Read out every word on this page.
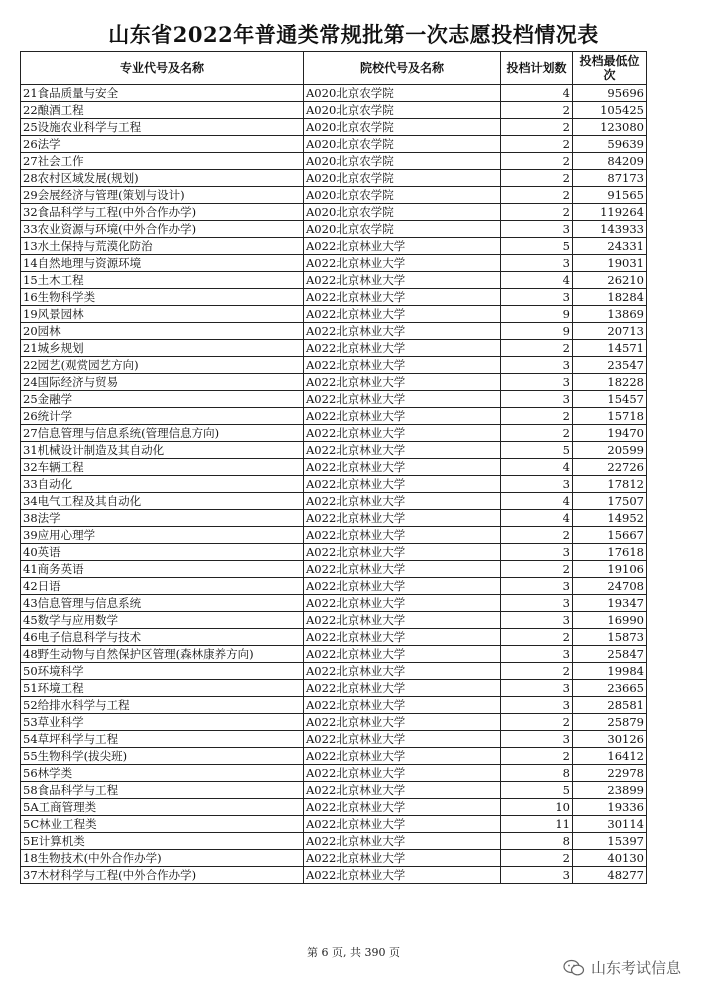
山东省2022年普通类常规批第一次志愿投档情况表
专业代号及名称	院校代号及名称	投档计划数	投档最低位次
21食品质量与安全	A020北京农学院	4	95696
22酿酒工程	A020北京农学院	2	105425
25设施农业科学与工程	A020北京农学院	2	123080
26法学	A020北京农学院	2	59639
27社会工作	A020北京农学院	2	84209
28农村区域发展(规划)	A020北京农学院	2	87173
29会展经济与管理(策划与设计)	A020北京农学院	2	91565
32食品科学与工程(中外合作办学)	A020北京农学院	2	119264
33农业资源与环境(中外合作办学)	A020北京农学院	3	143933
13水土保持与荒漠化防治	A022北京林业大学	5	24331
14自然地理与资源环境	A022北京林业大学	3	19031
15土木工程	A022北京林业大学	4	26210
16生物科学类	A022北京林业大学	3	18284
19风景园林	A022北京林业大学	9	13869
20园林	A022北京林业大学	9	20713
21城乡规划	A022北京林业大学	2	14571
22园艺(观赏园艺方向)	A022北京林业大学	3	23547
24国际经济与贸易	A022北京林业大学	3	18228
25金融学	A022北京林业大学	3	15457
26统计学	A022北京林业大学	2	15718
27信息管理与信息系统(管理信息方向)	A022北京林业大学	2	19470
31机械设计制造及其自动化	A022北京林业大学	5	20599
32车辆工程	A022北京林业大学	4	22726
33自动化	A022北京林业大学	3	17812
34电气工程及其自动化	A022北京林业大学	4	17507
38法学	A022北京林业大学	4	14952
39应用心理学	A022北京林业大学	2	15667
40英语	A022北京林业大学	3	17618
41商务英语	A022北京林业大学	2	19106
42日语	A022北京林业大学	3	24708
43信息管理与信息系统	A022北京林业大学	3	19347
45数学与应用数学	A022北京林业大学	3	16990
46电子信息科学与技术	A022北京林业大学	2	15873
48野生动物与自然保护区管理(森林康养方向)	A022北京林业大学	3	25847
50环境科学	A022北京林业大学	2	19984
51环境工程	A022北京林业大学	3	23665
52给排水科学与工程	A022北京林业大学	3	28581
53草业科学	A022北京林业大学	2	25879
54草坪科学与工程	A022北京林业大学	3	30126
55生物科学(拔尖班)	A022北京林业大学	2	16412
56林学类	A022北京林业大学	8	22978
58食品科学与工程	A022北京林业大学	5	23899
5A工商管理类	A022北京林业大学	10	19336
5C林业工程类	A022北京林业大学	11	30114
5E计算机类	A022北京林业大学	8	15397
18生物技术(中外合作办学)	A022北京林业大学	2	40130
37木材科学与工程(中外合作办学)	A022北京林业大学	3	48277
第 6 页, 共 390 页
山东考试信息
